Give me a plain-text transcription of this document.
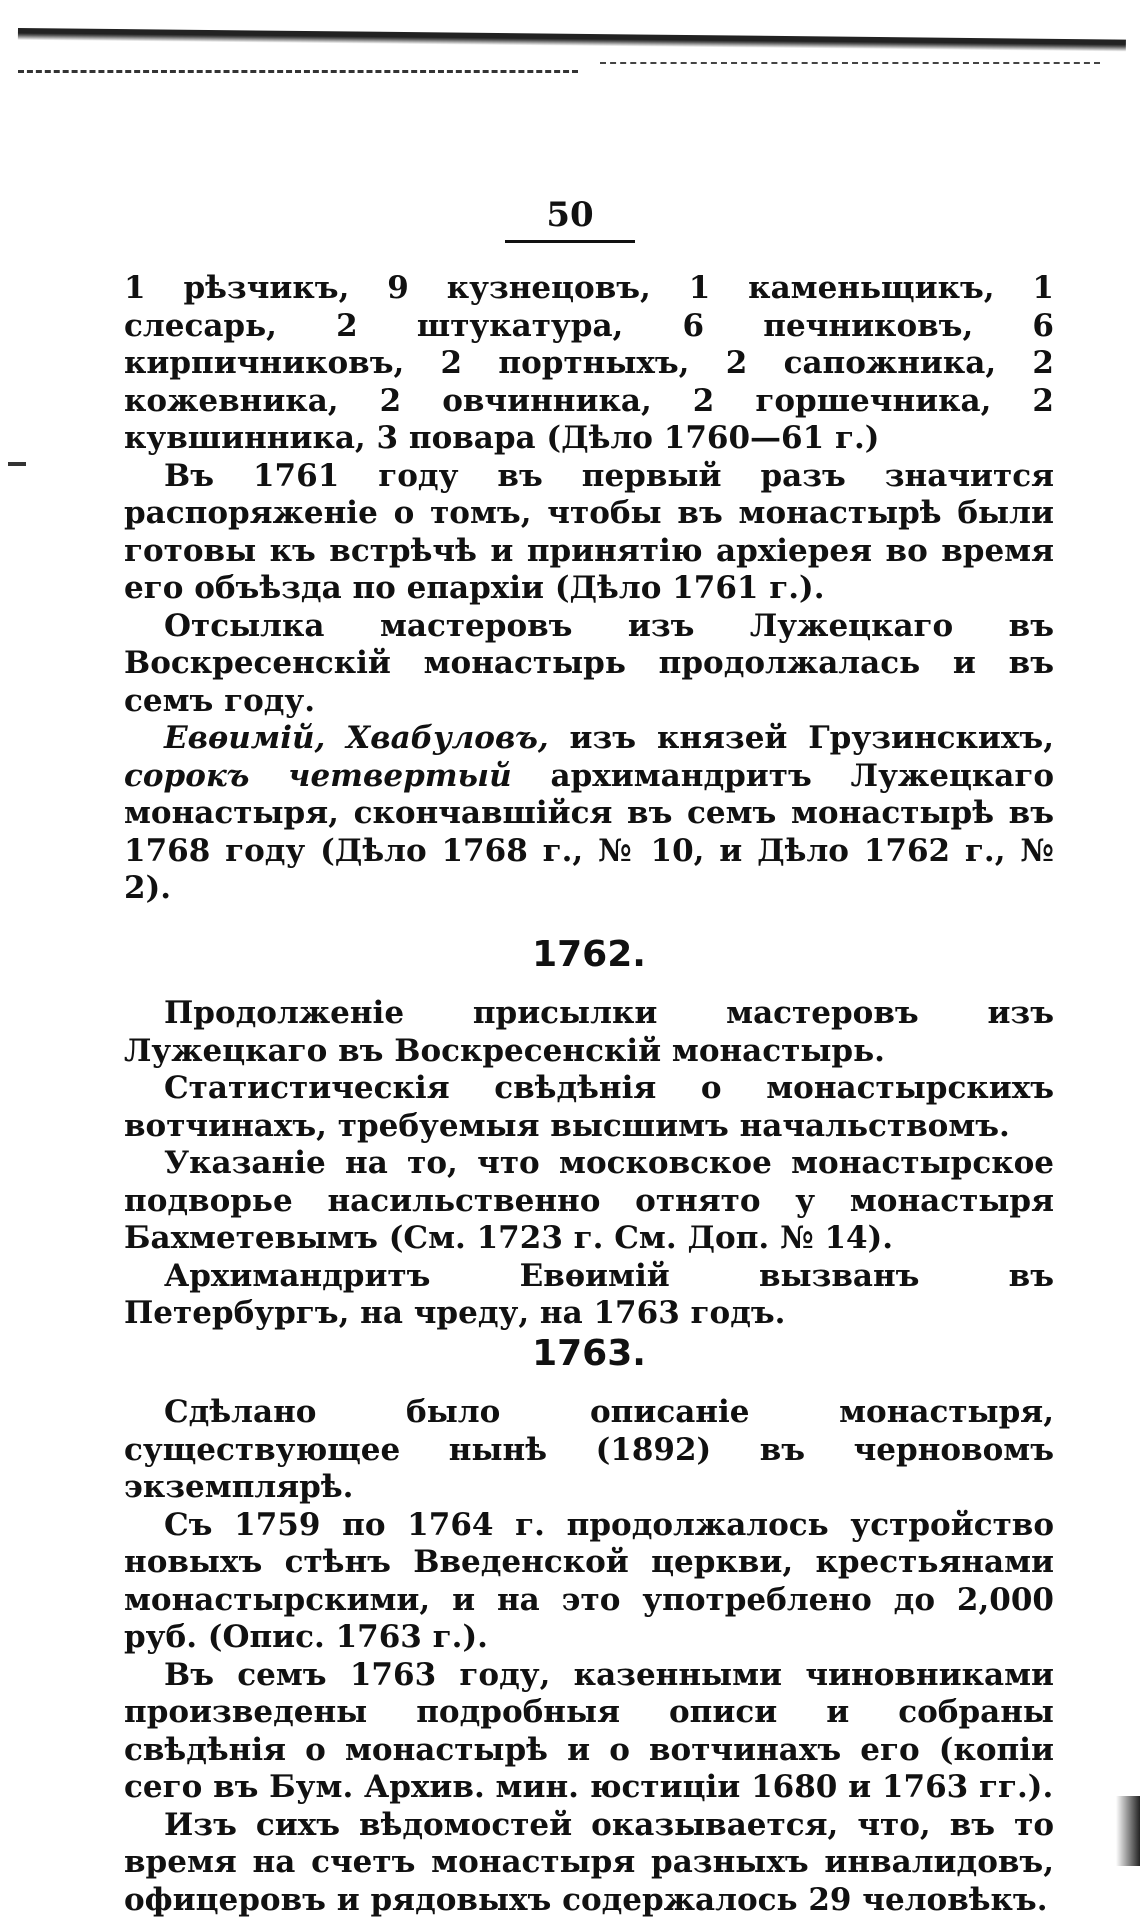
50

1 рѣзчикъ, 9 кузнецовъ, 1 каменьщикъ, 1 слесарь, 2 штукатура, 6 печниковъ, 6 кирпичниковъ, 2 портныхъ, 2 сапожника, 2 кожевника, 2 овчинника, 2 горшечника, 2 кувшинника, 3 повара (Дѣло 1760—61 г.)

Въ 1761 году въ первый разъ значится распоряженіе о томъ, чтобы въ монастырѣ были готовы къ встрѣчѣ и принятію архіерея во время его объѣзда по епархіи (Дѣло 1761 г.).

Отсылка мастеровъ изъ Лужецкаго въ Воскресенскій монастырь продолжалась и въ семъ году.

Евѳимій, Хвабуловъ, изъ князей Грузинскихъ, сорокъ четвертый архимандритъ Лужецкаго монастыря, скончавшійся въ семъ монастырѣ въ 1768 году (Дѣло 1768 г., № 10, и Дѣло 1762 г., № 2).

1762.

Продолженіе присылки мастеровъ изъ Лужецкаго въ Воскресенскій монастырь.

Статистическія свѣдѣнія о монастырскихъ вотчинахъ, требуемыя высшимъ начальствомъ.

Указаніе на то, что московское монастырское подворье насильственно отнято у монастыря Бахметевымъ (См. 1723 г. См. Доп. № 14).

Архимандритъ Евѳимій вызванъ въ Петербургъ, на чреду, на 1763 годъ.

1763.

Сдѣлано было описаніе монастыря, существующее нынѣ (1892) въ черновомъ экземплярѣ.

Съ 1759 по 1764 г. продолжалось устройство новыхъ стѣнъ Введенской церкви, крестьянами монастырскими, и на это употреблено до 2,000 руб. (Опис. 1763 г.).

Въ семъ 1763 году, казенными чиновниками произведены подробныя описи и собраны свѣдѣнія о монастырѣ и о вотчинахъ его (копіи сего въ Бум. Архив. мин. юстиціи 1680 и 1763 гг.).

Изъ сихъ вѣдомостей оказывается, что, въ то время на счетъ монастыря разныхъ инвалидовъ, офицеровъ и рядовыхъ содержалось 29 человѣкъ.
